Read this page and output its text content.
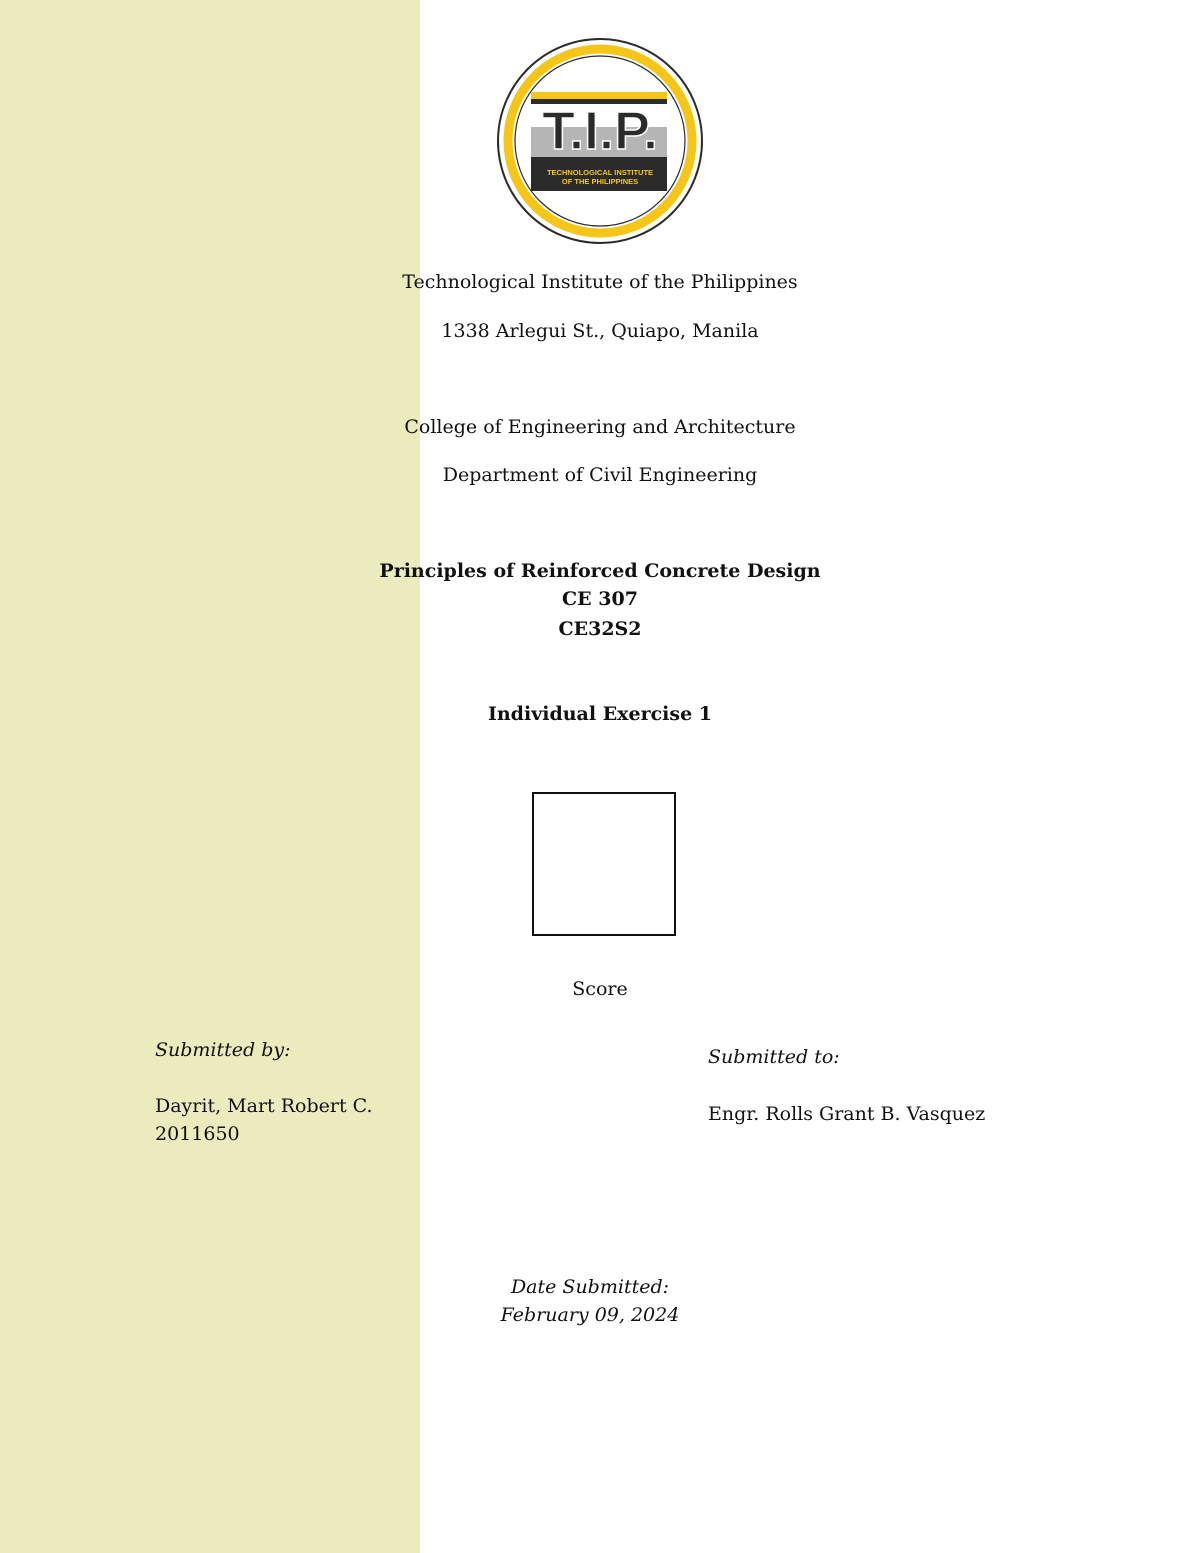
T.I.P.
TECHNOLOGICAL INSTITUTE
OF THE PHILIPPINES
Technological Institute of the Philippines
1338 Arlegui St., Quiapo, Manila
College of Engineering and Architecture
Department of Civil Engineering
Principles of Reinforced Concrete Design
CE 307
CE32S2
Individual Exercise 1
Score
Submitted by:
Dayrit, Mart Robert C.
2011650
Submitted to:
Engr. Rolls Grant B. Vasquez
Date Submitted:
February 09, 2024
